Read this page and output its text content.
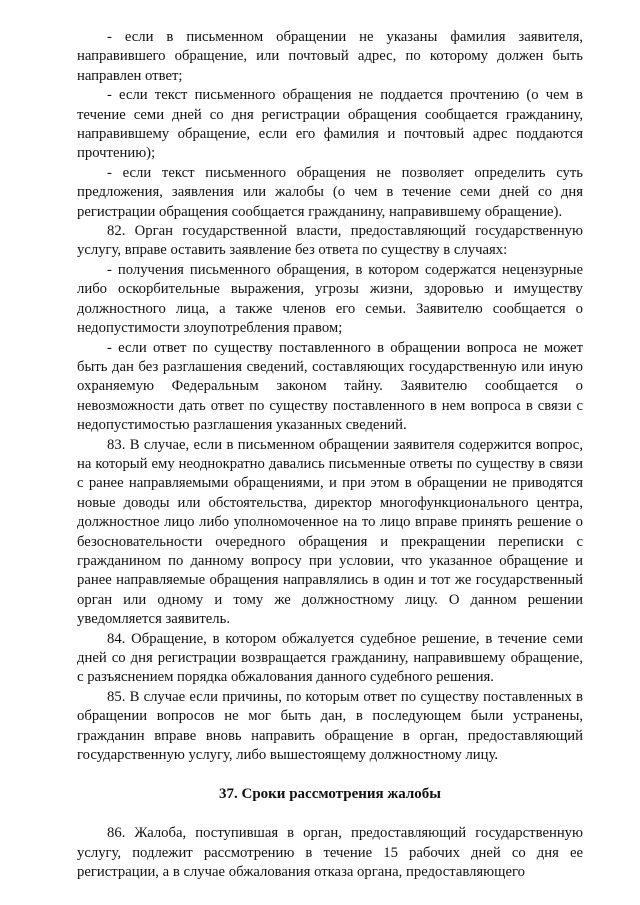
- если в письменном обращении не указаны фамилия заявителя, направившего обращение, или почтовый адрес, по которому должен быть направлен ответ;

- если текст письменного обращения не поддается прочтению (о чем в течение семи дней со дня регистрации обращения сообщается гражданину, направившему обращение, если его фамилия и почтовый адрес поддаются прочтению);

- если текст письменного обращения не позволяет определить суть предложения, заявления или жалобы (о чем в течение семи дней со дня регистрации обращения сообщается гражданину, направившему обращение).

82. Орган государственной власти, предоставляющий государственную услугу, вправе оставить заявление без ответа по существу в случаях:

- получения письменного обращения, в котором содержатся нецензурные либо оскорбительные выражения, угрозы жизни, здоровью и имуществу должностного лица, а также членов его семьи. Заявителю сообщается о недопустимости злоупотребления правом;

- если ответ по существу поставленного в обращении вопроса не может быть дан без разглашения сведений, составляющих государственную или иную охраняемую Федеральным законом тайну. Заявителю сообщается о невозможности дать ответ по существу поставленного в нем вопроса в связи с недопустимостью разглашения указанных сведений.

83. В случае, если в письменном обращении заявителя содержится вопрос, на который ему неоднократно давались письменные ответы по существу в связи с ранее направляемыми обращениями, и при этом в обращении не приводятся новые доводы или обстоятельства, директор многофункционального центра, должностное лицо либо уполномоченное на то лицо вправе принять решение о безосновательности очередного обращения и прекращении переписки с гражданином по данному вопросу при условии, что указанное обращение и ранее направляемые обращения направлялись в один и тот же государственный орган или одному и тому же должностному лицу. О данном решении уведомляется заявитель.

84. Обращение, в котором обжалуется судебное решение, в течение семи дней со дня регистрации возвращается гражданину, направившему обращение, с разъяснением порядка обжалования данного судебного решения.

85. В случае если причины, по которым ответ по существу поставленных в обращении вопросов не мог быть дан, в последующем были устранены, гражданин вправе вновь направить обращение в орган, предоставляющий государственную услугу, либо вышестоящему должностному лицу.

37. Сроки рассмотрения жалобы

86. Жалоба, поступившая в орган, предоставляющий государственную услугу, подлежит рассмотрению в течение 15 рабочих дней со дня ее регистрации, а в случае обжалования отказа органа, предоставляющего
